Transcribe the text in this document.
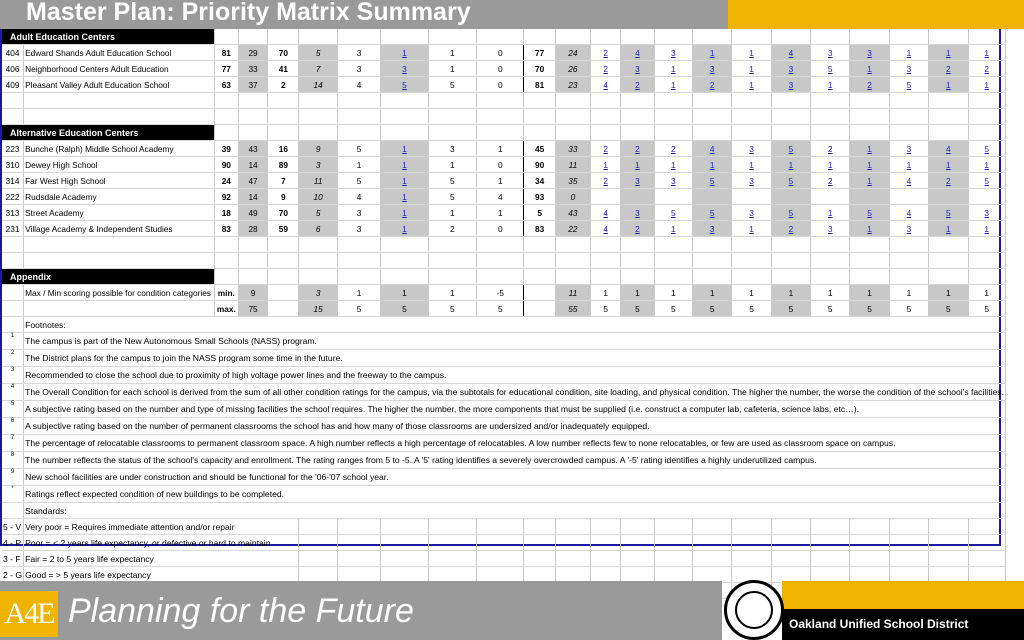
Master Plan: Priority Matrix Summary
Adult Education Centers																						
404	Edward Shands Adult Education School	81	29	70	5	3	1	1	0	77	24	2	4	3	1	1	4	3	3	1	1	1
406	Neighborhood Centers Adult Education	77	33	41	7	3	3	1	0	70	26	2	3	1	3	1	3	5	1	3	2	2
409	Pleasant Valley Adult Education School	63	37	2	14	4	5	5	0	81	23	4	2	1	2	1	3	1	2	5	1	1

Alternative Education Centers																						
223	Bunche (Ralph) Middle School Academy	39	43	16	9	5	1	3	1	45	33	2	2	2	4	3	5	2	1	3	4	5
310	Dewey High School	90	14	89	3	1	1	1	0	90	11	1	1	1	1	1	1	1	1	1	1	1
314	Far West High School	24	47	7	11	5	1	5	1	34	35	2	3	3	5	3	5	2	1	4	2	5
222	Rudsdale Academy	92	14	9	10	4	1	5	4	93	0											
313	Street Academy	18	49	70	5	3	1	1	1	5	43	4	3	5	5	3	5	1	5	4	5	3
231	Village Academy & Independent Studies	83	28	59	6	3	1	2	0	83	22	4	2	1	3	1	2	3	1	3	1	1

Appendix																						
	Max / Min scoring possible for condition categories	min.	9		3	1	1	1	-5		11	1	1	1	1	1	1	1	1	1	1	1
		max.	75		15	5	5	5	5		55	5	5	5	5	5	5	5	5	5	5	5
	Footnotes:																					
1	The campus is part of the New Autonomous Small Schools (NASS) program.																					
2	The District plans for the campus to join the NASS program some time in the future.																					
3	Recommended to close the school due to proximity of high voltage power lines and the freeway to the campus.																					
4	The Overall Condition for each school is derived from the sum of all other condition ratings for the campus, via the subtotals for educational condition, site loading, and physical condition. The higher the number, the worse the condition of the school's facilities.																					
5	A subjective rating based on the number and type of missing facilities the school requires. The higher the number, the more components that must be supplied (i.e. construct a computer lab, cafeteria, science labs, etc…).																					
6	A subjective rating based on the number of permanent classrooms the school has and how many of those classrooms are undersized and/or inadequately equipped.																					
7	The percentage of relocatable classrooms to permanent classroom space. A high number reflects a high percentage of relocatables. A low number reflects few to none relocatables, or few are used as classroom space on campus.																					
8	The number reflects the status of the school's capacity and enrollment. The rating ranges from 5 to -5. A '5' rating identifies a severely overcrowded campus. A '-5' rating identifies a highly underutilized campus.																					
9	New school facilities are under construction and should be functional for the '06-'07 school year.																					
*	Ratings reflect expected condition of new buildings to be completed.																					
	Standards:																					
5 - V	Very poor = Requires immediate attention and/or repair																					
4 - P	Poor = < 2 years life expectancy, or defective or hard to maintain																					
3 - F	Fair = 2 to 5 years life expectancy																					
2 - G	Good = > 5 years life expectancy																					

A4E Planning for the Future	Oakland Unified School District
